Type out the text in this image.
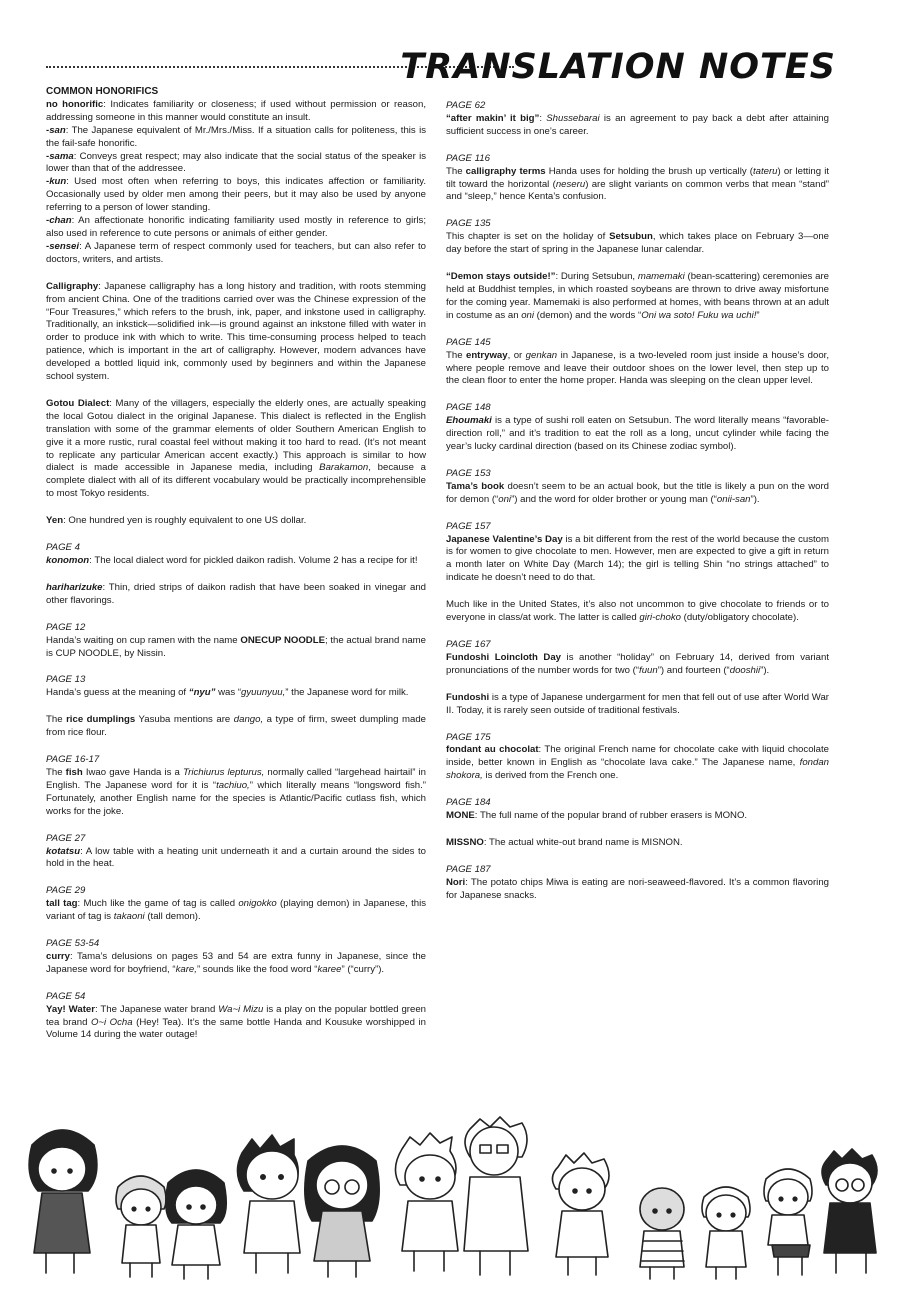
TRANSLATION NOTES

COMMON HONORIFICS
no honorific: Indicates familiarity or closeness; if used without permission or reason, addressing someone in this manner would constitute an insult.
-san: The Japanese equivalent of Mr./Mrs./Miss. If a situation calls for politeness, this is the fail-safe honorific.
-sama: Conveys great respect; may also indicate that the social status of the speaker is lower than that of the addressee.
-kun: Used most often when referring to boys, this indicates affection or familiarity. Occasionally used by older men among their peers, but it may also be used by anyone referring to a person of lower standing.
-chan: An affectionate honorific indicating familiarity used mostly in reference to girls; also used in reference to cute persons or animals of either gender.
-sensei: A Japanese term of respect commonly used for teachers, but can also refer to doctors, writers, and artists.

Calligraphy: Japanese calligraphy has a long history and tradition, with roots stemming from ancient China. One of the traditions carried over was the Chinese expression of the “Four Treasures,” which refers to the brush, ink, paper, and inkstone used in calligraphy. Traditionally, an inkstick—solidified ink—is ground against an inkstone filled with water in order to produce ink with which to write. This time-consuming process helped to teach patience, which is important in the art of calligraphy. However, modern advances have developed a bottled liquid ink, commonly used by beginners and within the Japanese school system.

Gotou Dialect: Many of the villagers, especially the elderly ones, are actually speaking the local Gotou dialect in the original Japanese. This dialect is reflected in the English translation with some of the grammar elements of older Southern American English to give it a more rustic, rural coastal feel without making it too hard to read. (It’s not meant to replicate any particular American accent exactly.) This approach is similar to how dialect is made accessible in Japanese media, including Barakamon, because a complete dialect with all of its different vocabulary would be practically incomprehensible to most Tokyo residents.

Yen: One hundred yen is roughly equivalent to one US dollar.

PAGE 4
konomon: The local dialect word for pickled daikon radish. Volume 2 has a recipe for it!

hariharizuke: Thin, dried strips of daikon radish that have been soaked in vinegar and other flavorings.

PAGE 12
Handa’s waiting on cup ramen with the name ONECUP NOODLE; the actual brand name is CUP NOODLE, by Nissin.

PAGE 13
Handa’s guess at the meaning of “nyu” was “gyuunyuu,” the Japanese word for milk.

The rice dumplings Yasuba mentions are dango, a type of firm, sweet dumpling made from rice flour.

PAGE 16-17
The fish Iwao gave Handa is a Trichiurus lepturus, normally called “largehead hairtail” in English. The Japanese word for it is “tachiuo,” which literally means “longsword fish.” Fortunately, another English name for the species is Atlantic/Pacific cutlass fish, which works for the joke.

PAGE 27
kotatsu: A low table with a heating unit underneath it and a curtain around the sides to hold in the heat.

PAGE 29
tall tag: Much like the game of tag is called onigokko (playing demon) in Japanese, this variant of tag is takaoni (tall demon).

PAGE 53-54
curry: Tama’s delusions on pages 53 and 54 are extra funny in Japanese, since the Japanese word for boyfriend, “kare,” sounds like the food word “karee” (“curry”).

PAGE 54
Yay! Water: The Japanese water brand Wa~i Mizu is a play on the popular bottled green tea brand O~i Ocha (Hey! Tea). It’s the same bottle Handa and Kousuke worshipped in Volume 14 during the water outage!

PAGE 62
“after makin’ it big”: Shussebarai is an agreement to pay back a debt after attaining sufficient success in one’s career.

PAGE 116
The calligraphy terms Handa uses for holding the brush up vertically (tateru) or letting it tilt toward the horizontal (neseru) are slight variants on common verbs that mean “stand” and “sleep,” hence Kenta’s confusion.

PAGE 135
This chapter is set on the holiday of Setsubun, which takes place on February 3—one day before the start of spring in the Japanese lunar calendar.

“Demon stays outside!”: During Setsubun, mamemaki (bean-scattering) ceremonies are held at Buddhist temples, in which roasted soybeans are thrown to drive away misfortune for the coming year. Mamemaki is also performed at homes, with beans thrown at an adult in costume as an oni (demon) and the words “Oni wa soto! Fuku wa uchi!”

PAGE 145
The entryway, or genkan in Japanese, is a two-leveled room just inside a house’s door, where people remove and leave their outdoor shoes on the lower level, then step up to the clean floor to enter the home proper. Handa was sleeping on the clean upper level.

PAGE 148
Ehoumaki is a type of sushi roll eaten on Setsubun. The word literally means “favorable-direction roll,” and it’s tradition to eat the roll as a long, uncut cylinder while facing the year’s lucky cardinal direction (based on its Chinese zodiac symbol).

PAGE 153
Tama’s book doesn’t seem to be an actual book, but the title is likely a pun on the word for demon (“oni”) and the word for older brother or young man (“onii-san”).

PAGE 157
Japanese Valentine’s Day is a bit different from the rest of the world because the custom is for women to give chocolate to men. However, men are expected to give a gift in return a month later on White Day (March 14); the girl is telling Shin “no strings attached” to indicate he doesn’t need to do that.

Much like in the United States, it’s also not uncommon to give chocolate to friends or to everyone in class/at work. The latter is called giri-choko (duty/obligatory chocolate).

PAGE 167
Fundoshi Loincloth Day is another “holiday” on February 14, derived from variant pronunciations of the number words for two (“fuun”) and fourteen (“dooshii”).

Fundoshi is a type of Japanese undergarment for men that fell out of use after World War II. Today, it is rarely seen outside of traditional festivals.

PAGE 175
fondant au chocolat: The original French name for chocolate cake with liquid chocolate inside, better known in English as “chocolate lava cake.” The Japanese name, fondan shokora, is derived from the French one.

PAGE 184
MONE: The full name of the popular brand of rubber erasers is MONO.

MISSNO: The actual white-out brand name is MISNON.

PAGE 187
Nori: The potato chips Miwa is eating are nori-seaweed-flavored. It’s a common flavoring for Japanese snacks.
